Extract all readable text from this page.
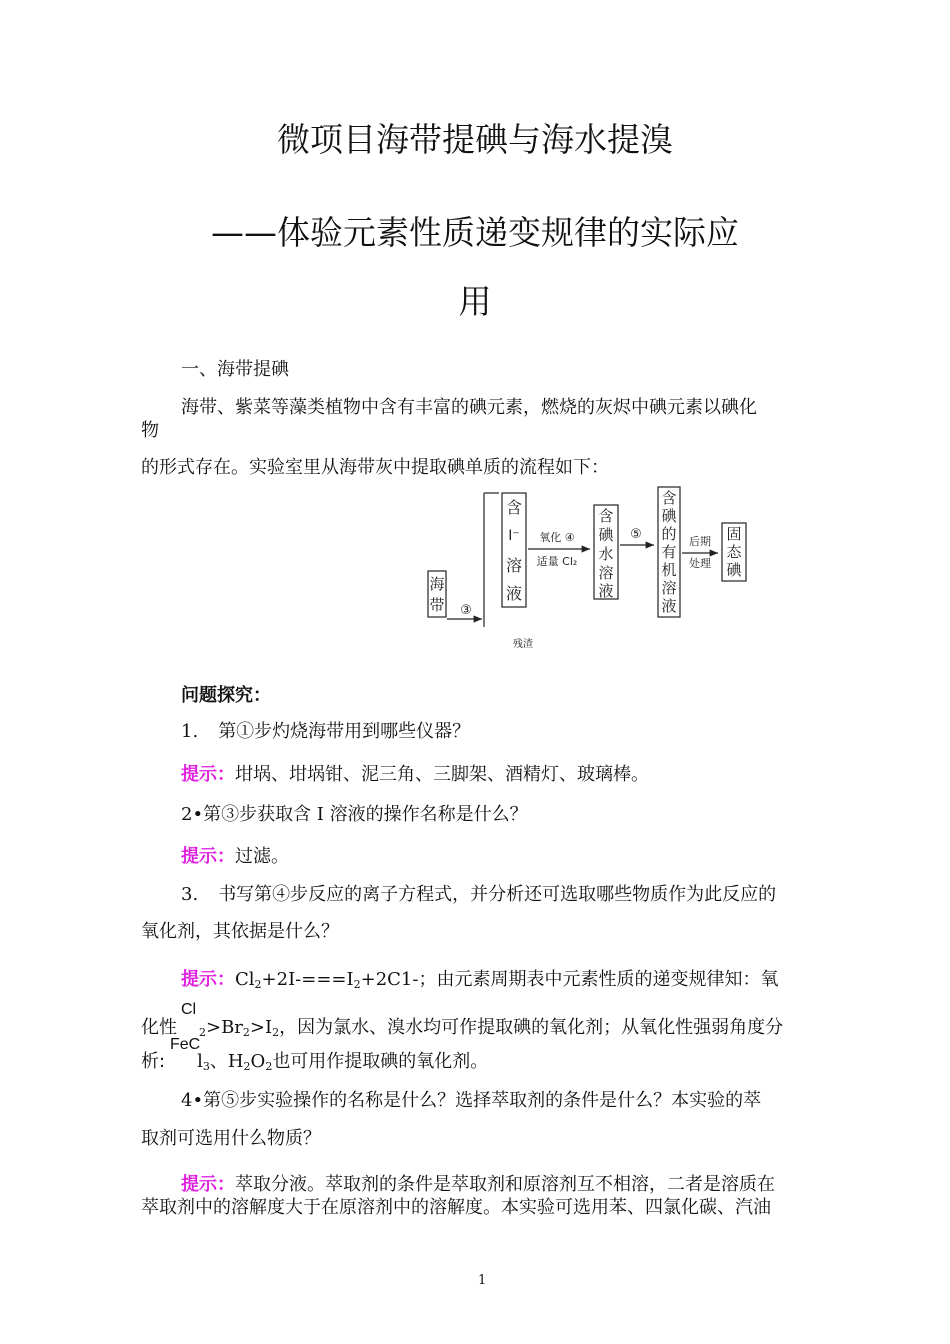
微项目海带提碘与海水提溴
——体验元素性质递变规律的实际应
用
一、海带提碘
海带、紫菜等藻类植物中含有丰富的碘元素，燃烧的灰烬中碘元素以碘化
物
的形式存在。实验室里从海带灰中提取碘单质的流程如下：
海
带 ③
残渣
含
I⁻
溶
液
氧化 ④
适量 Cl₂
含
碘
水
溶
液
⑤
含
碘
的
有
机
溶
液
后期
处理
固
态
碘
问题探究：
1. 第①步灼烧海带用到哪些仪器？
提示：坩埚、坩埚钳、泥三角、三脚架、酒精灯、玻璃棒。
2•第③步获取含 I 溶液的操作名称是什么？
提示：过滤。
3. 书写第④步反应的离子方程式，并分析还可选取哪些物质作为此反应的
氧化剂，其依据是什么？
提示：$Cl_2+2I-===I_2+2C1-$；由元素周期表中元素性质的递变规律知：氧
Cl
化性 $_2>Br_2>I_2$，因为氯水、溴水均可作提取碘的氧化剂；从氧化性强弱角度分
FeC
析: $l_3$、$H_2O_2$也可用作提取碘的氧化剂。
4•第⑤步实验操作的名称是什么？选择萃取剂的条件是什么？本实验的萃
取剂可选用什么物质？
提示：萃取分液。萃取剂的条件是萃取剂和原溶剂互不相溶，二者是溶质在
萃取剂中的溶解度大于在原溶剂中的溶解度。本实验可选用苯、四氯化碳、汽油
1
